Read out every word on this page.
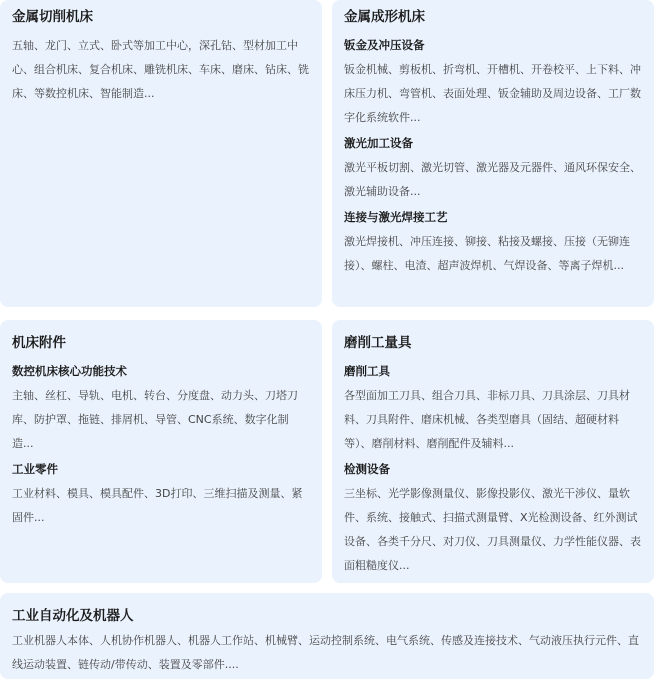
金属切削机床

五轴、龙门、立式、卧式等加工中心，深孔钻、型材加工中心、组合机床、复合机床、雕铣机床、车床、磨床、钻床、铣床、等数控机床、智能制造...

金属成形机床
钣金及冲压设备

钣金机械、剪板机、折弯机、开槽机、开卷校平、上下料、冲床压力机、弯管机、表面处理、钣金辅助及周边设备、工厂数字化系统软件...

激光加工设备

激光平板切割、激光切管、激光器及元器件、通风环保安全、激光辅助设备...

连接与激光焊接工艺

激光焊接机、冲压连接、铆接、粘接及螺接、压接（无铆连接）、螺柱、电渣、超声波焊机、气焊设备、等离子焊机...

机床附件
数控机床核心功能技术

主轴、丝杠、导轨、电机、转台、分度盘、动力头、刀塔刀库、防护罩、拖链、排屑机、导管、CNC系统、数字化制造...

工业零件

工业材料、模具、模具配件、3D打印、三维扫描及测量、紧固件...

磨削工量具
磨削工具

各型面加工刀具、组合刀具、非标刀具、刀具涂层、刀具材料、刀具附件、磨床机械、各类型磨具（固结、超硬材料等）、磨削材料、磨削配件及辅料...

检测设备

三坐标、光学影像测量仪、影像投影仪、激光干涉仪、量软件、系统、接触式、扫描式测量臂、X光检测设备、红外测试设备、各类千分尺、对刀仪、刀具测量仪、力学性能仪器、表面粗糙度仪...

工业自动化及机器人

工业机器人本体、人机协作机器人、机器人工作站、机械臂、运动控制系统、电气系统、传感及连接技术、气动液压执行元件、直线运动装置、链传动/带传动、装置及零部件....
